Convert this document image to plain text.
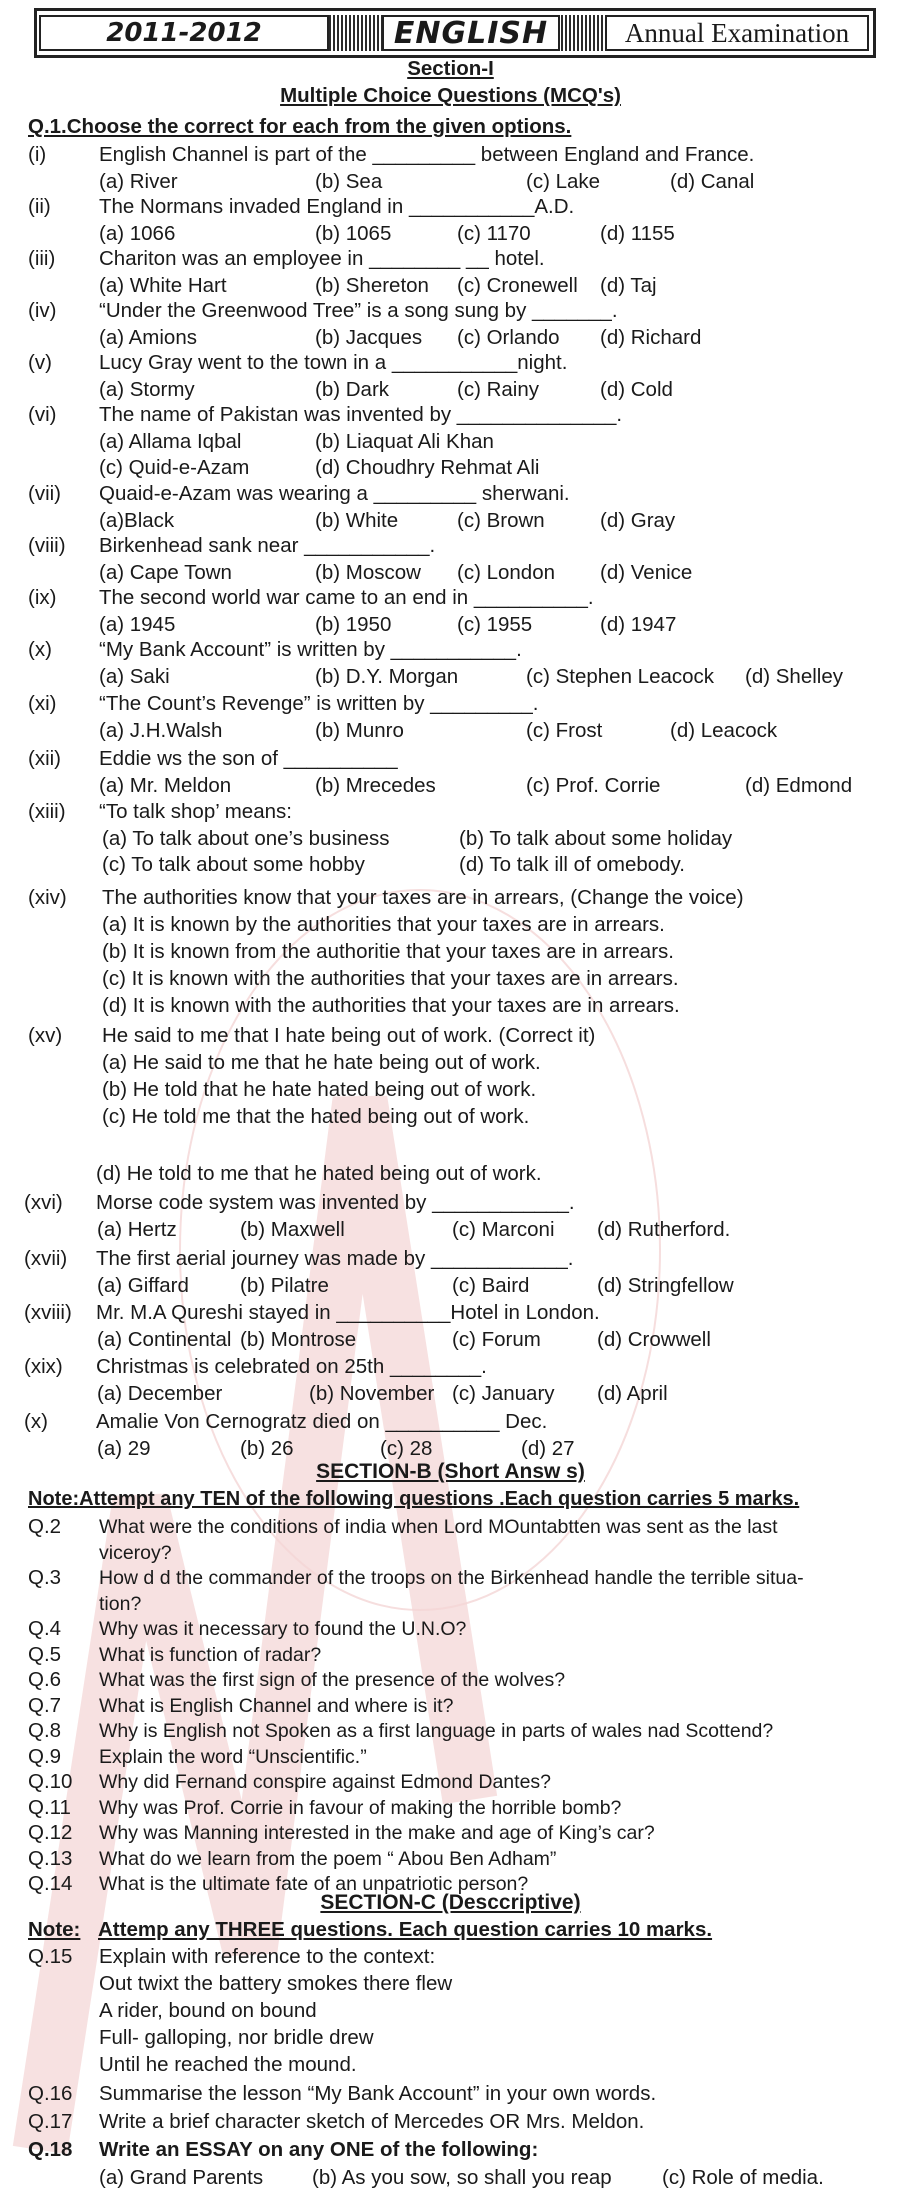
2011-2012	ENGLISH	Annual Examination
Section-I
Multiple Choice Questions (MCQ's)
Q.1.Choose the correct for each from the given options.
(i)	English Channel is part of the _________ between England and France.
(a) River	(b) Sea	(c) Lake	(d) Canal
(ii) The Normans invaded England in ___________A.D.
(a) 1066	(b) 1065	(c) 1170	(d) 1155
(iii) Chariton was an employee in ________ __ hotel.
(a) White Hart	(b) Shereton (c) Cronewell (d) Taj
(iv) “Under the Greenwood Tree” is a song sung by _______.
(a) Amions	(b) Jacques (c) Orlando (d) Richard
(v) Lucy Gray went to the town in a ___________night.
(a) Stormy	(b) Dark	(c) Rainy	(d) Cold
(vi) The name of Pakistan was invented by ______________.
(a) Allama Iqbal	(b) Liaquat Ali Khan
(c) Quid-e-Azam	(d) Choudhry Rehmat Ali
(vii) Quaid-e-Azam was wearing a _________ sherwani.
(a)Black	(b) White	(c) Brown	(d) Gray
(viii) Birkenhead sank near ___________.
(a) Cape Town	(b) Moscow (c) London (d) Venice
(ix) The second world war came to an end in __________.
(a) 1945	(b) 1950	(c) 1955	(d) 1947
(x) “My Bank Account” is written by ___________.
(a) Saki	(b) D.Y. Morgan	(c) Stephen Leacock (d) Shelley
(xi) “The Count’s Revenge” is written by _________.
(a) J.H.Walsh	(b) Munro	(c) Frost	(d) Leacock
(xii) Eddie ws the son of __________
(a) Mr. Meldon	(b) Mrecedes	(c) Prof. Corrie	(d) Edmond
(xiii) “To talk shop’ means:
(a) To talk about one’s business	(b) To talk about some holiday
(c) To talk about some hobby	(d) To talk ill of omebody.
(xiv) The authorities know that your taxes are in arrears, (Change the voice)
(a) It is known by the authorities that your taxes are in arrears.
(b) It is known from the authoritie that your taxes are in arrears.
(c) It is known with the authorities that your taxes are in arrears.
(d) It is known with the authorities that your taxes are in arrears.
(xv) He said to me that I hate being out of work. (Correct it)
(a) He said to me that he hate being out of work.
(b) He told that he hate hated being out of work.
(c) He told me that the hated being out of work.
(d) He told to me that he hated being out of work.
(xvi) Morse code system was invented by ____________.
(a) Hertz	(b) Maxwell	(c) Marconi (d) Rutherford.
(xvii) The first aerial journey was made by ____________.
(a) Giffard (b) Pilatre	(c) Baird	(d) Stringfellow
(xviii) Mr. M.A Qureshi stayed in __________Hotel in London.
(a) Continental (b) Montrose	(c) Forum	(d) Crowwell
(xix) Christmas is celebrated on 25th ________.
(a) December	(b) November (c) January (d) April
(x) Amalie Von Cernogratz died on __________ Dec.
(a) 29	(b) 26	(c) 28	(d) 27
SECTION-B (Short Answ s)
Note:Attempt any TEN of the following questions .Each question carries 5 marks.
Q.2 What were the conditions of india when Lord MOuntabtten was sent as the last
viceroy?
Q.3 How d d the commander of the troops on the Birkenhead handle the terrible situa-
tion?
Q.4 Why was it necessary to found the U.N.O?
Q.5 What is function of radar?
Q.6 What was the first sign of the presence of the wolves?
Q.7 What is English Channel and where is it?
Q.8 Why is English not Spoken as a first language in parts of wales nad Scottend?
Q.9 Explain the word “Unscientific.”
Q.10 Why did Fernand conspire against Edmond Dantes?
Q.11 Why was Prof. Corrie in favour of making the horrible bomb?
Q.12 Why was Manning interested in the make and age of King’s car?
Q.13 What do we learn from the poem “ Abou Ben Adham”
Q.14 What is the ultimate fate of an unpatriotic person?
SECTION-C (Desccriptive)
Note: Attemp any THREE questions. Each question carries 10 marks.
Q.15 Explain with reference to the context:
Out twixt the battery smokes there flew
A rider, bound on bound
Full- galloping, nor bridle drew
Until he reached the mound.
Q.16 Summarise the lesson “My Bank Account” in your own words.
Q.17 Write a brief character sketch of Mercedes OR Mrs. Meldon.
Q.18 Write an ESSAY on any ONE of the following:
(a) Grand Parents (b) As you sow, so shall you reap (c) Role of media.
